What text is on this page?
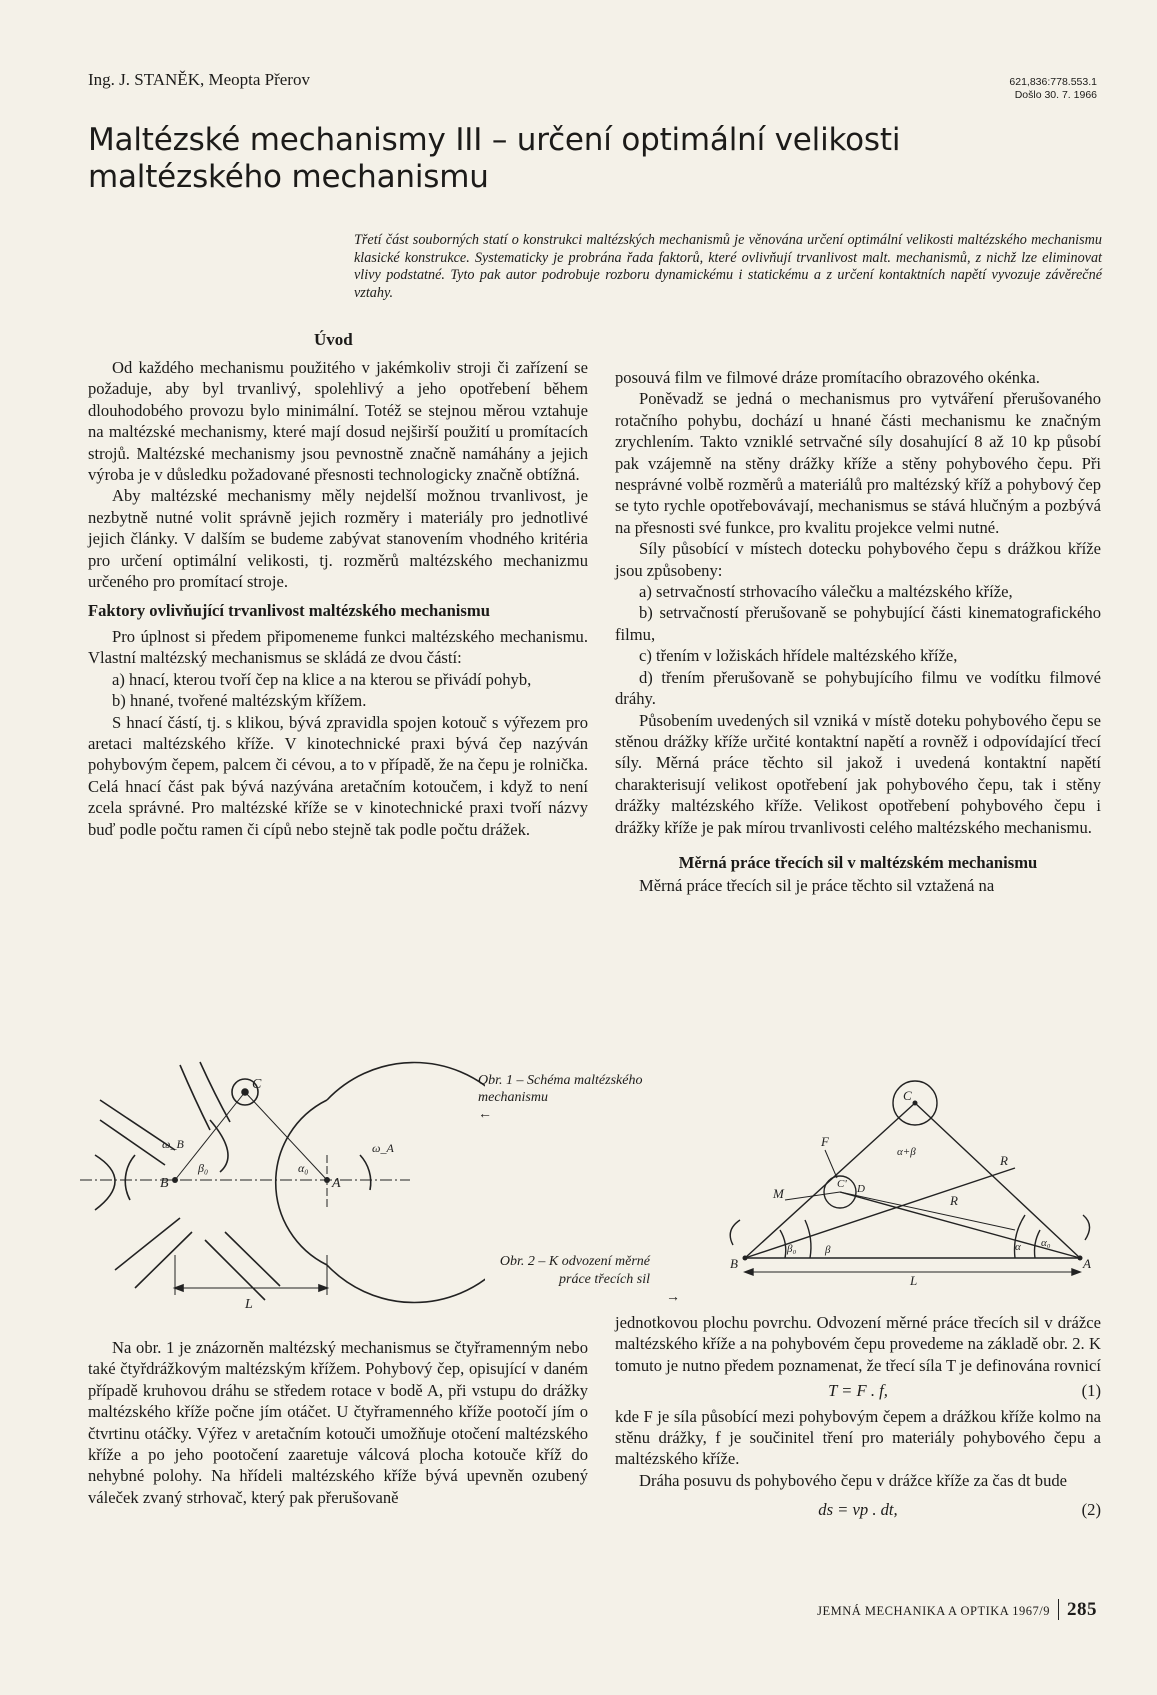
Ing. J. STANĚK, Meopta Přerov	621,836:778.553.1
Došlo 30. 7. 1966
Maltézské mechanismy III – určení optimální velikosti maltézského mechanismu

Třetí část souborných statí o konstrukci maltézských mechanismů je věnována určení optimální velikosti maltézského mechanismu klasické konstrukce. Systematicky je probrána řada faktorů, které ovlivňují trvanlivost malt. mechanismů, z nichž lze eliminovat vlivy podstatné. Tyto pak autor podrobuje rozboru dynamickému i statickému a z určení kontaktních napětí vyvozuje závěrečné vztahy.

Úvod

Od každého mechanismu použitého v jakémkoliv stroji či zařízení se požaduje, aby byl trvanlivý, spolehlivý a jeho opotřebení během dlouhodobého provozu bylo minimální. Totéž se stejnou měrou vztahuje na maltézské mechanismy, které mají dosud nejširší použití u promítacích strojů. Maltézské mechanismy jsou pevnostně značně namáhány a jejich výroba je v důsledku požadované přesnosti technologicky značně obtížná.

Aby maltézské mechanismy měly nejdelší možnou trvanlivost, je nezbytně nutné volit správně jejich rozměry i materiály pro jednotlivé jejich články. V dalším se budeme zabývat stanovením vhodného kritéria pro určení optimální velikosti, tj. rozměrů maltézského mechanizmu určeného pro promítací stroje.

Faktory ovlivňující trvanlivost maltézského mechanismu

Pro úplnost si předem připomeneme funkci maltézského mechanismu. Vlastní maltézský mechanismus se skládá ze dvou částí:

a) hnací, kterou tvoří čep na klice a na kterou se přivádí pohyb,

b) hnané, tvořené maltézským křížem.

S hnací částí, tj. s klikou, bývá zpravidla spojen kotouč s výřezem pro aretaci maltézského kříže. V kinotechnické praxi bývá čep nazýván pohybovým čepem, palcem či cévou, a to v případě, že na čepu je rolnička. Celá hnací část pak bývá nazývána aretačním kotoučem, i když to není zcela správné. Pro maltézské kříže se v kinotechnické praxi tvoří názvy buď podle počtu ramen či cípů nebo stejně tak podle počtu drážek.

posouvá film ve filmové dráze promítacího obrazového okénka.

Poněvadž se jedná o mechanismus pro vytváření přerušovaného rotačního pohybu, dochází u hnané části mechanismu ke značným zrychlením. Takto vzniklé setrvačné síly dosahující 8 až 10 kp působí pak vzájemně na stěny drážky kříže a stěny pohybového čepu. Při nesprávné volbě rozměrů a materiálů pro maltézský kříž a pohybový čep se tyto rychle opotřebovávají, mechanismus se stává hlučným a pozbývá na přesnosti své funkce, pro kvalitu projekce velmi nutné.

Síly působící v místech dotecku pohybového čepu s drážkou kříže jsou způsobeny:

a) setrvačností strhovacího válečku a maltézského kříže,

b) setrvačností přerušovaně se pohybující části kinematografického filmu,

c) třením v ložiskách hřídele maltézského kříže,

d) třením přerušovaně se pohybujícího filmu ve vodítku filmové dráhy.

Působením uvedených sil vzniká v místě doteku pohybového čepu se stěnou drážky kříže určité kontaktní napětí a rovněž i odpovídající třecí síly. Měrná práce těchto sil jakož i uvedená kontaktní napětí charakterisují velikost opotřebení jak pohybového čepu, tak i stěny drážky maltézského kříže. Velikost opotřebení pohybového čepu i drážky kříže je pak mírou trvanlivosti celého maltézského mechanismu.

Měrná práce třecích sil v maltézském mechanismu

Měrná práce třecích sil je práce těchto sil vztažená na

C
B	A
L
β₀	α₀
ω_B	ω_A
Obr. 1 – Schéma maltézského mechanismu
←
C
C' D
B	A
F
R
R
M
L
α+β
β
β₀	α α₀
Obr. 2 – K odvození měrné práce třecích sil
→

Na obr. 1 je znázorněn maltézský mechanismus se čtyřramenným nebo také čtyřdrážkovým maltézským křížem. Pohybový čep, opisující v daném případě kruhovou dráhu se středem rotace v bodě A, při vstupu do drážky maltézského kříže počne jím otáčet. U čtyřramenného kříže pootočí jím o čtvrtinu otáčky. Výřez v aretačním kotouči umožňuje otočení maltézského kříže a po jeho pootočení zaaretuje válcová plocha kotouče kříž do nehybné polohy. Na hřídeli maltézského kříže bývá upevněn ozubený váleček zvaný strhovač, který pak přerušovaně

jednotkovou plochu povrchu. Odvození měrné práce třecích sil v drážce maltézského kříže a na pohybovém čepu provedeme na základě obr. 2. K tomuto je nutno předem poznamenat, že třecí síla T je definována rovnicí

T = F . f,	(1)

kde F je síla působící mezi pohybovým čepem a drážkou kříže kolmo na stěnu drážky, f je součinitel tření pro materiály pohybového čepu a maltézského kříže.

Dráha posuvu ds pohybového čepu v drážce kříže za čas dt bude

ds = vp . dt,	(2)

JEMNÁ MECHANIKA A OPTIKA 1967/9 285
